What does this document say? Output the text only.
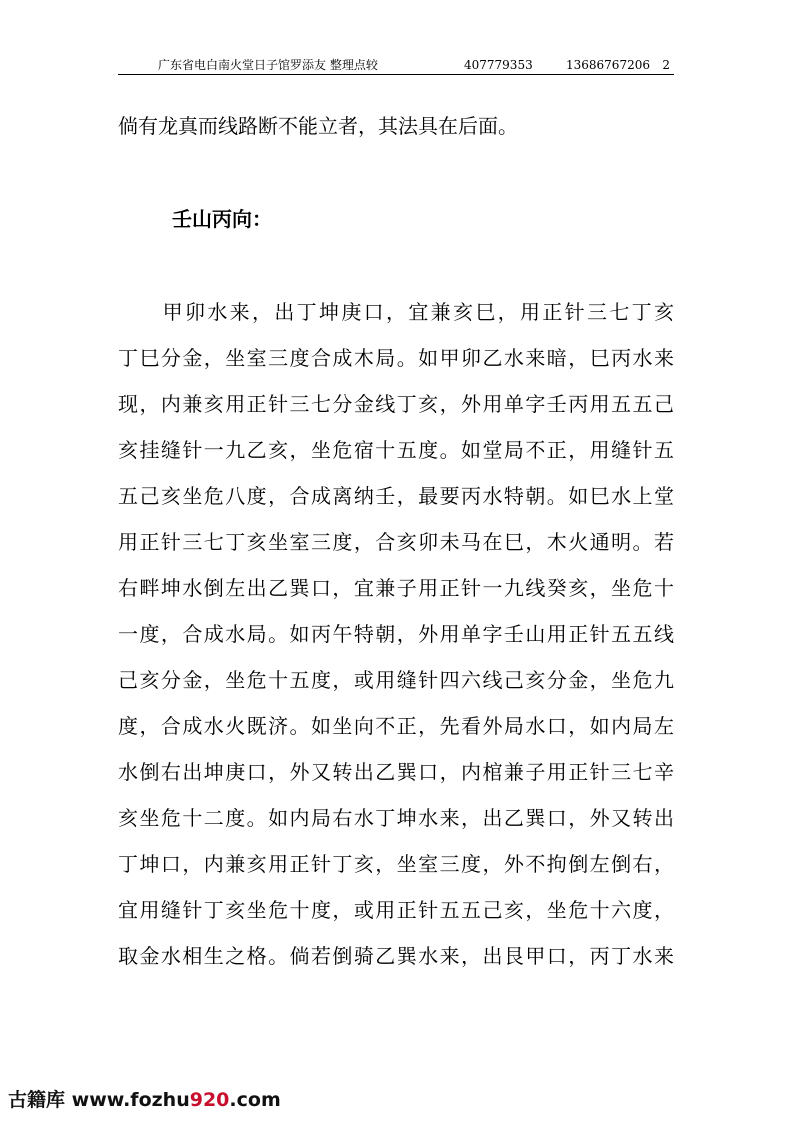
广东省电白南火堂日子馆 罗添友 整理点较	407779353	13686767206 2
倘有龙真而线路断不能立者，其法具在后面。
壬山丙向：
　　甲卯水来，出丁坤庚口，宜兼亥巳，用正针三七丁亥
丁巳分金，坐室三度合成木局。如甲卯乙水来暗，巳丙水来
现，内兼亥用正针三七分金线丁亥，外用单字壬丙用五五己
亥挂缝针一九乙亥，坐危宿十五度。如堂局不正，用缝针五
五己亥坐危八度，合成离纳壬，最要丙水特朝。如巳水上堂
用正针三七丁亥坐室三度，合亥卯未马在巳，木火通明。若
右畔坤水倒左出乙巽口，宜兼子用正针一九线癸亥，坐危十
一度，合成水局。如丙午特朝，外用单字壬山用正针五五线
己亥分金，坐危十五度，或用缝针四六线己亥分金，坐危九
度，合成水火既济。如坐向不正，先看外局水口，如内局左
水倒右出坤庚口，外又转出乙巽口，内棺兼子用正针三七辛
亥坐危十二度。如内局右水丁坤水来，出乙巽口，外又转出
丁坤口，内兼亥用正针丁亥，坐室三度，外不拘倒左倒右，
宜用缝针丁亥坐危十度，或用正针五五己亥，坐危十六度，
取金水相生之格。倘若倒骑乙巽水来，出艮甲口，丙丁水来
古籍库 www.fozhu920.com
